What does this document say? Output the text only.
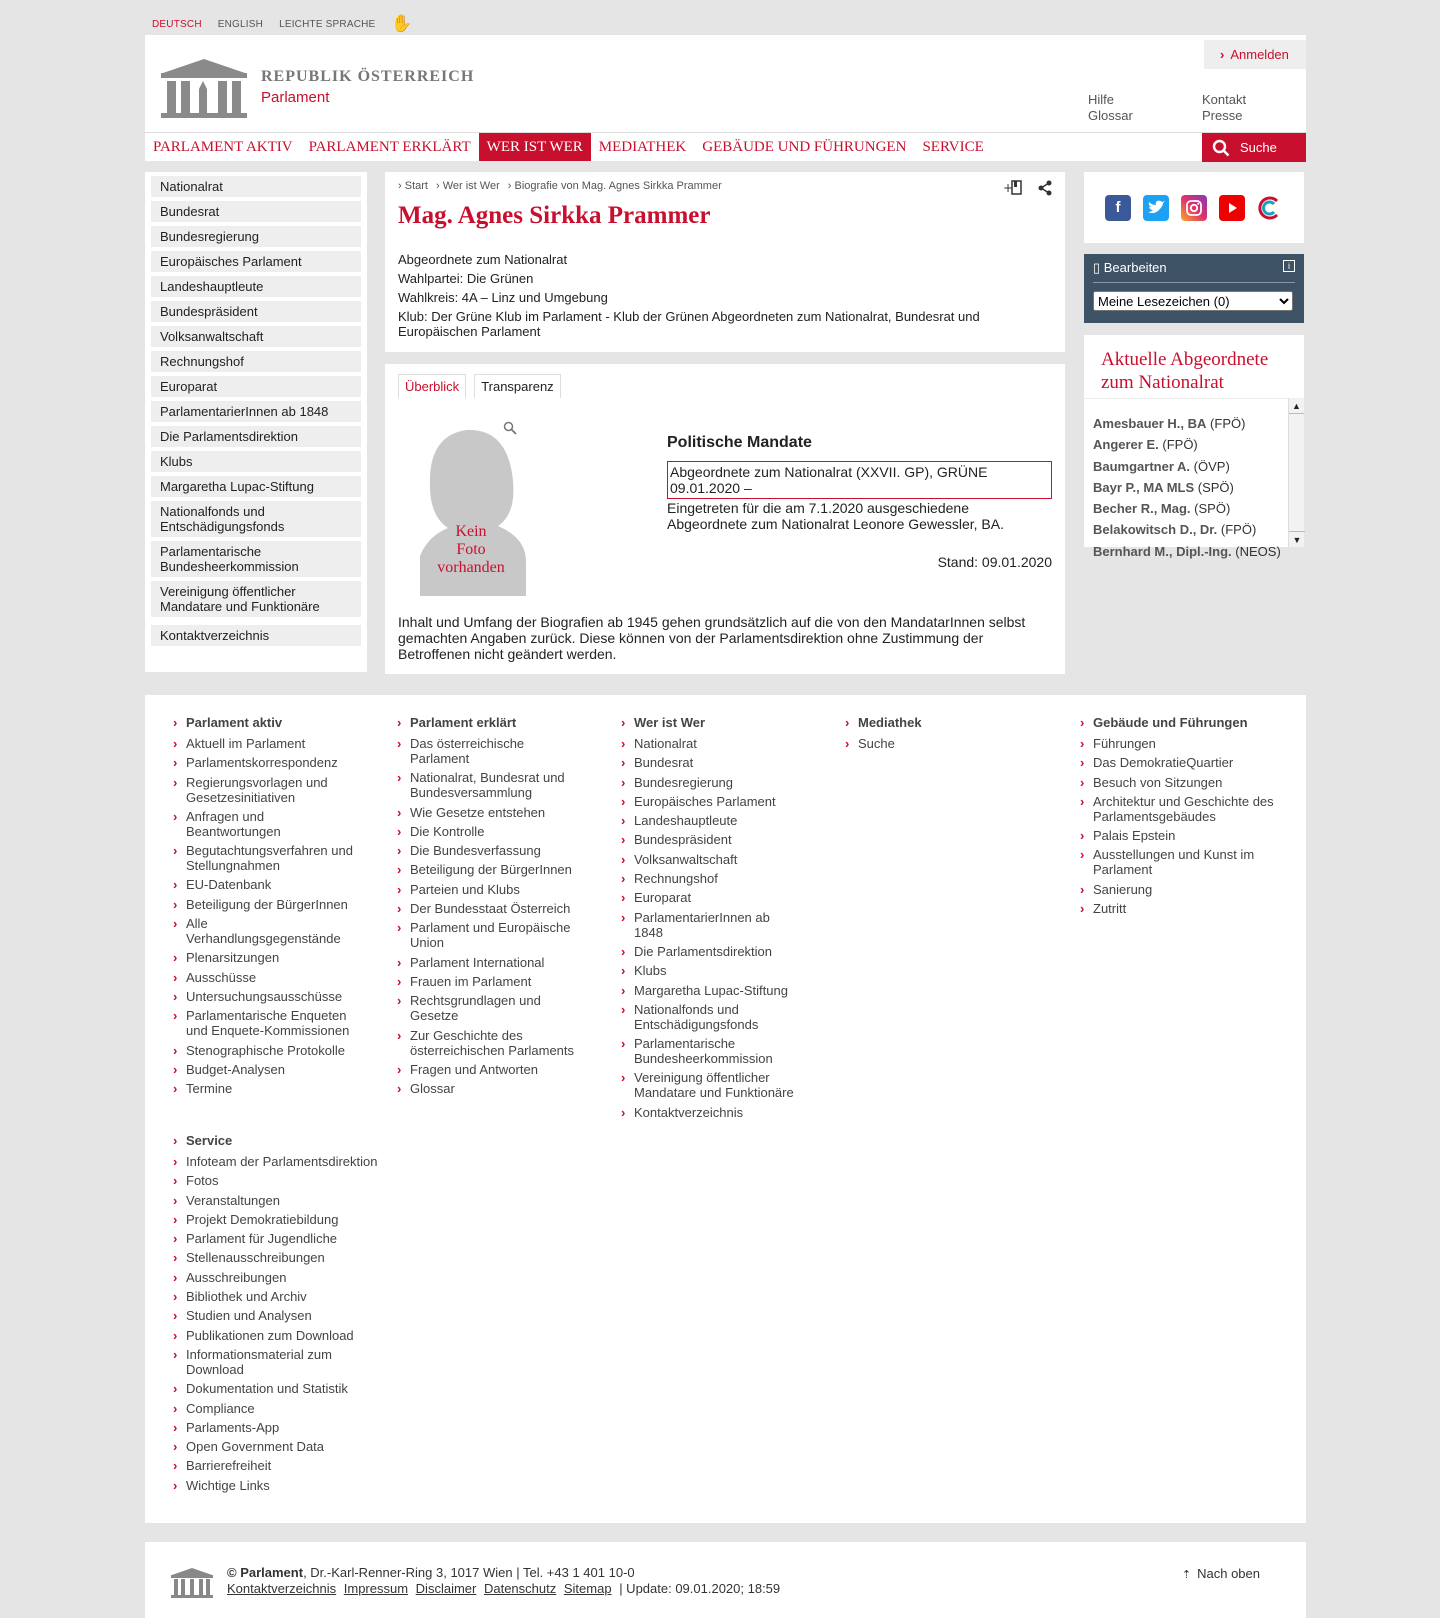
DEUTSCH ENGLISH LEICHTE SPRACHE ✋
REPUBLIK ÖSTERREICH
Parlament
› Anmelden
Hilfe
Glossar
Kontakt
Presse
PARLAMENT AKTIV	PARLAMENT ERKLÄRT	WER IST WER	MEDIATHEK	GEBÄUDE UND FÜHRUNGEN	SERVICE	Suche
Nationalrat
Bundesrat
Bundesregierung
Europäisches Parlament
Landeshauptleute
Bundespräsident
Volksanwaltschaft
Rechnungshof
Europarat
ParlamentarierInnen ab 1848
Die Parlamentsdirektion
Klubs
Margaretha Lupac-Stiftung
Nationalfonds und Entschädigungsfonds
Parlamentarische Bundesheerkommission
Vereinigung öffentlicher Mandatare und Funktionäre
Kontaktverzeichnis
› Start	› Wer ist Wer	› Biografie von Mag. Agnes Sirkka Prammer	+
Mag. Agnes Sirkka Prammer
Abgeordnete zum Nationalrat
Wahlpartei: Die Grünen
Wahlkreis: 4A – Linz und Umgebung
Klub: Der Grüne Klub im Parlament - Klub der Grünen Abgeordneten zum Nationalrat, Bundesrat und Europäischen Parlament
Überblick	Transparenz
Kein
Foto
vorhanden
Politische Mandate
Abgeordnete zum Nationalrat (XXVII. GP), GRÜNE
09.01.2020 –
Eingetreten für die am 7.1.2020 ausgeschiedene Abgeordnete zum Nationalrat Leonore Gewessler, BA.
Stand: 09.01.2020
Inhalt und Umfang der Biografien ab 1945 gehen grundsätzlich auf die von den MandatarInnen selbst gemachten Angaben zurück. Diese können von der Parlamentsdirektion ohne Zustimmung der Betroffenen nicht geändert werden.
f
▯ Bearbeiten	i
Meine Lesezeichen (0)
Aktuelle Abgeordnete zum Nationalrat
Amesbauer H., BA (FPÖ)
Angerer E. (FPÖ)
Baumgartner A. (ÖVP)
Bayr P., MA MLS (SPÖ)
Becher R., Mag. (SPÖ)
Belakowitsch D., Dr. (FPÖ)
Bernhard M., Dipl.-Ing. (NEOS)
▲
▼
› Parlament aktiv
› Aktuell im Parlament
› Parlamentskorrespondenz
› Regierungsvorlagen und Gesetzesinitiativen
› Anfragen und Beantwortungen
› Begutachtungsverfahren und Stellungnahmen
› EU-Datenbank
› Beteiligung der BürgerInnen
› Alle Verhandlungsgegenstände
› Plenarsitzungen
› Ausschüsse
› Untersuchungsausschüsse
› Parlamentarische Enqueten und Enquete-Kommissionen
› Stenographische Protokolle
› Budget-Analysen
› Termine
› Parlament erklärt
› Das österreichische Parlament
› Nationalrat, Bundesrat und Bundesversammlung
› Wie Gesetze entstehen
› Die Kontrolle
› Die Bundesverfassung
› Beteiligung der BürgerInnen
› Parteien und Klubs
› Der Bundesstaat Österreich
› Parlament und Europäische Union
› Parlament International
› Frauen im Parlament
› Rechtsgrundlagen und Gesetze
› Zur Geschichte des österreichischen Parlaments
› Fragen und Antworten
› Glossar
› Wer ist Wer
› Nationalrat
› Bundesrat
› Bundesregierung
› Europäisches Parlament
› Landeshauptleute
› Bundespräsident
› Volksanwaltschaft
› Rechnungshof
› Europarat
› ParlamentarierInnen ab 1848
› Die Parlamentsdirektion
› Klubs
› Margaretha Lupac-Stiftung
› Nationalfonds und Entschädigungsfonds
› Parlamentarische Bundesheerkommission
› Vereinigung öffentlicher Mandatare und Funktionäre
› Kontaktverzeichnis
› Mediathek
› Suche
› Gebäude und Führungen
› Führungen
› Das DemokratieQuartier
› Besuch von Sitzungen
› Architektur und Geschichte des Parlamentsgebäudes
› Palais Epstein
› Ausstellungen und Kunst im Parlament
› Sanierung
› Zutritt
› Service
› Infoteam der Parlamentsdirektion
› Fotos
› Veranstaltungen
› Projekt Demokratiebildung
› Parlament für Jugendliche
› Stellenausschreibungen
› Ausschreibungen
› Bibliothek und Archiv
› Studien und Analysen
› Publikationen zum Download
› Informationsmaterial zum Download
› Dokumentation und Statistik
› Compliance
› Parlaments-App
› Open Government Data
› Barrierefreiheit
› Wichtige Links
© Parlament, Dr.-Karl-Renner-Ring 3, 1017 Wien | Tel. +43 1 401 10-0
Kontaktverzeichnis Impressum Disclaimer Datenschutz Sitemap | Update: 09.01.2020; 18:59
⇡ Nach oben
